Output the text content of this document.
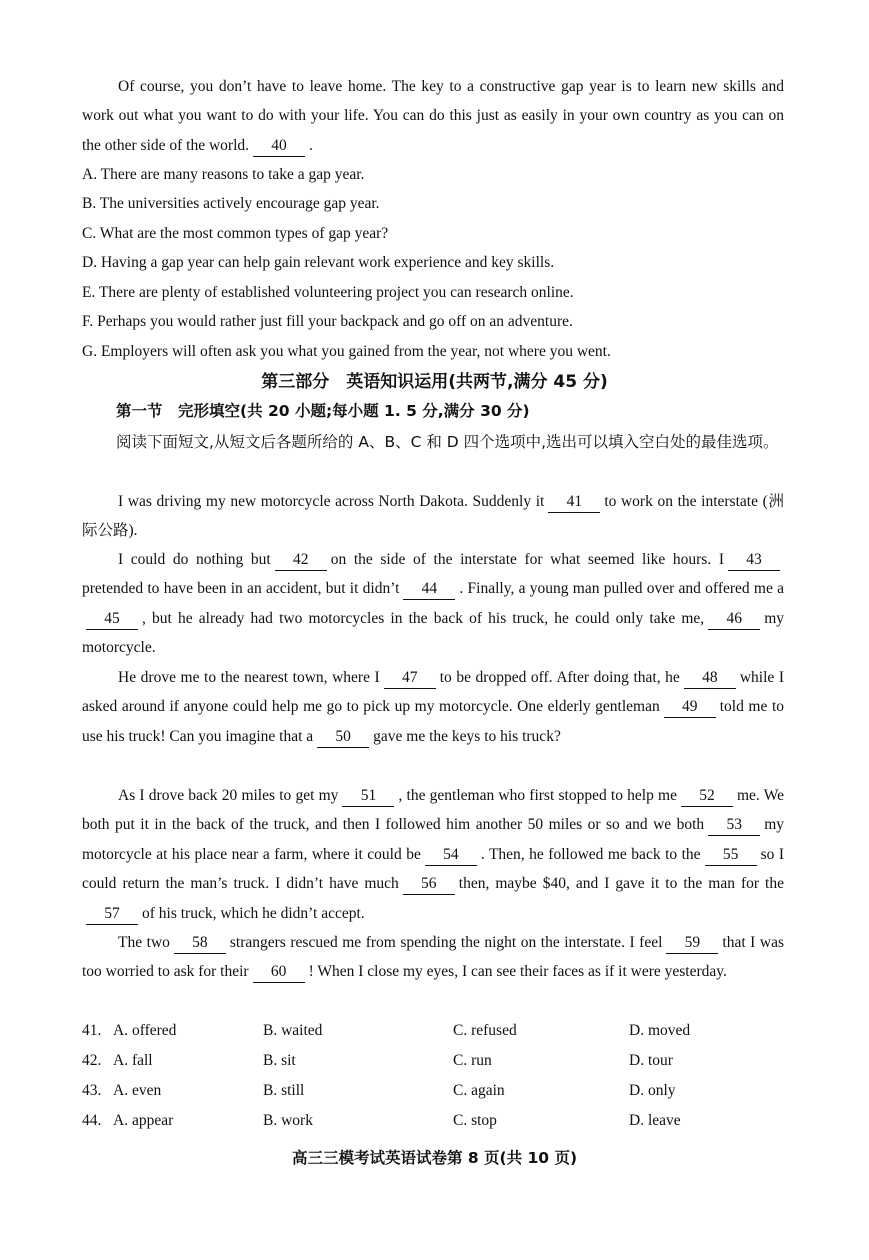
Of course, you don’t have to leave home. The key to a constructive gap year is to learn new skills and work out what you want to do with your life. You can do this just as easily in your own country as you can on the other side of the world. 40 .

A. There are many reasons to take a gap year.

B. The universities actively encourage gap year.

C. What are the most common types of gap year?

D. Having a gap year can help gain relevant work experience and key skills.

E. There are plenty of established volunteering project you can research online.

F. Perhaps you would rather just fill your backpack and go off on an adventure.

G. Employers will often ask you what you gained from the year, not where you went.

第三部分　英语知识运用(共两节,满分 45 分)
第一节　完形填空(共 20 小题;每小题 1. 5 分,满分 30 分)

阅读下面短文,从短文后各题所给的 A、B、C 和 D 四个选项中,选出可以填入空白处的最佳选项。

I was driving my new motorcycle across North Dakota. Suddenly it 41 to work on the interstate (洲际公路).

I could do nothing but 42 on the side of the interstate for what seemed like hours. I 43pretended to have been in an accident, but it didn’t 44 . Finally, a young man pulled over and offered me a45 , but he already had two motorcycles in the back of his truck, he could only take me, 46 my motorcycle.

He drove me to the nearest town, where I 47 to be dropped off. After doing that, he 48 while I asked around if anyone could help me go to pick up my motorcycle. One elderly gentleman 49 told me to use his truck! Can you imagine that a 50 gave me the keys to his truck?

As I drove back 20 miles to get my 51 , the gentleman who first stopped to help me 52 me. We both put it in the back of the truck, and then I followed him another 50 miles or so and we both 53 my motorcycle at his place near a farm, where it could be 54 . Then, he followed me back to the 55 so I could return the man’s truck. I didn’t have much 56 then, maybe $40, and I gave it to the man for the57 of his truck, which he didn’t accept.

The two 58 strangers rescued me from spending the night on the interstate. I feel 59 that I was too worried to ask for their 60 ! When I close my eyes, I can see their faces as if it were yesterday.

41. A. offered	B. waited	C. refused	D. moved
42. A. fall	B. sit	C. run	D. tour
43. A. even	B. still	C. again	D. only
44. A. appear	B. work	C. stop	D. leave
高三三模考试英语试卷第 8 页(共 10 页)
